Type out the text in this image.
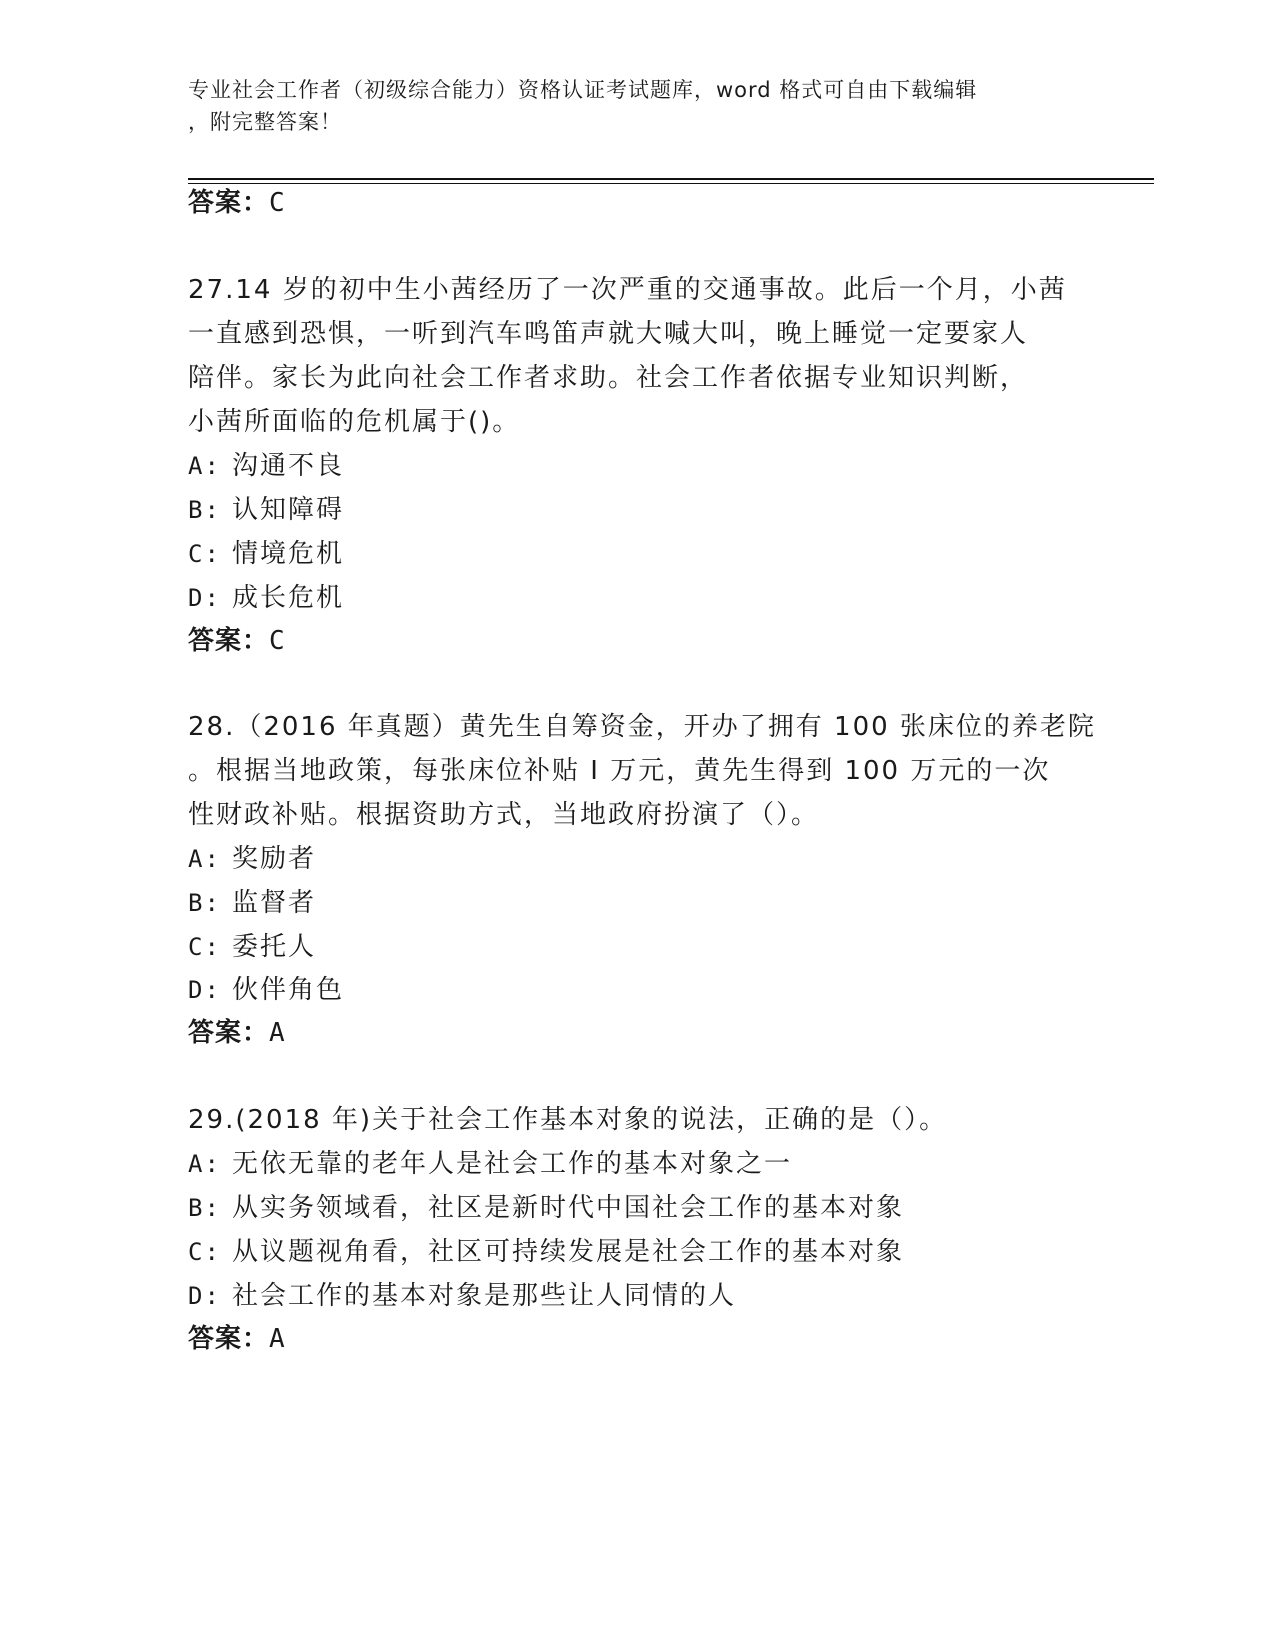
专业社会工作者（初级综合能力）资格认证考试题库，word 格式可自由下载编辑
，附完整答案！
答案：C
27.14 岁的初中生小茜经历了一次严重的交通事故。此后一个月，小茜
一直感到恐惧，一听到汽车鸣笛声就大喊大叫，晚上睡觉一定要家人
陪伴。家长为此向社会工作者求助。社会工作者依据专业知识判断，
小茜所面临的危机属于()。
A: 沟通不良
B: 认知障碍
C: 情境危机
D: 成长危机
答案：C
28.（2016 年真题）黄先生自筹资金，开办了拥有 100 张床位的养老院
。根据当地政策，每张床位补贴 I 万元，黄先生得到 100 万元的一次
性财政补贴。根据资助方式，当地政府扮演了（）。
A: 奖励者
B: 监督者
C: 委托人
D: 伙伴角色
答案：A
29.(2018 年)关于社会工作基本对象的说法，正确的是（）。
A: 无依无靠的老年人是社会工作的基本对象之一
B: 从实务领域看，社区是新时代中国社会工作的基本对象
C: 从议题视角看，社区可持续发展是社会工作的基本对象
D: 社会工作的基本对象是那些让人同情的人
答案：A
